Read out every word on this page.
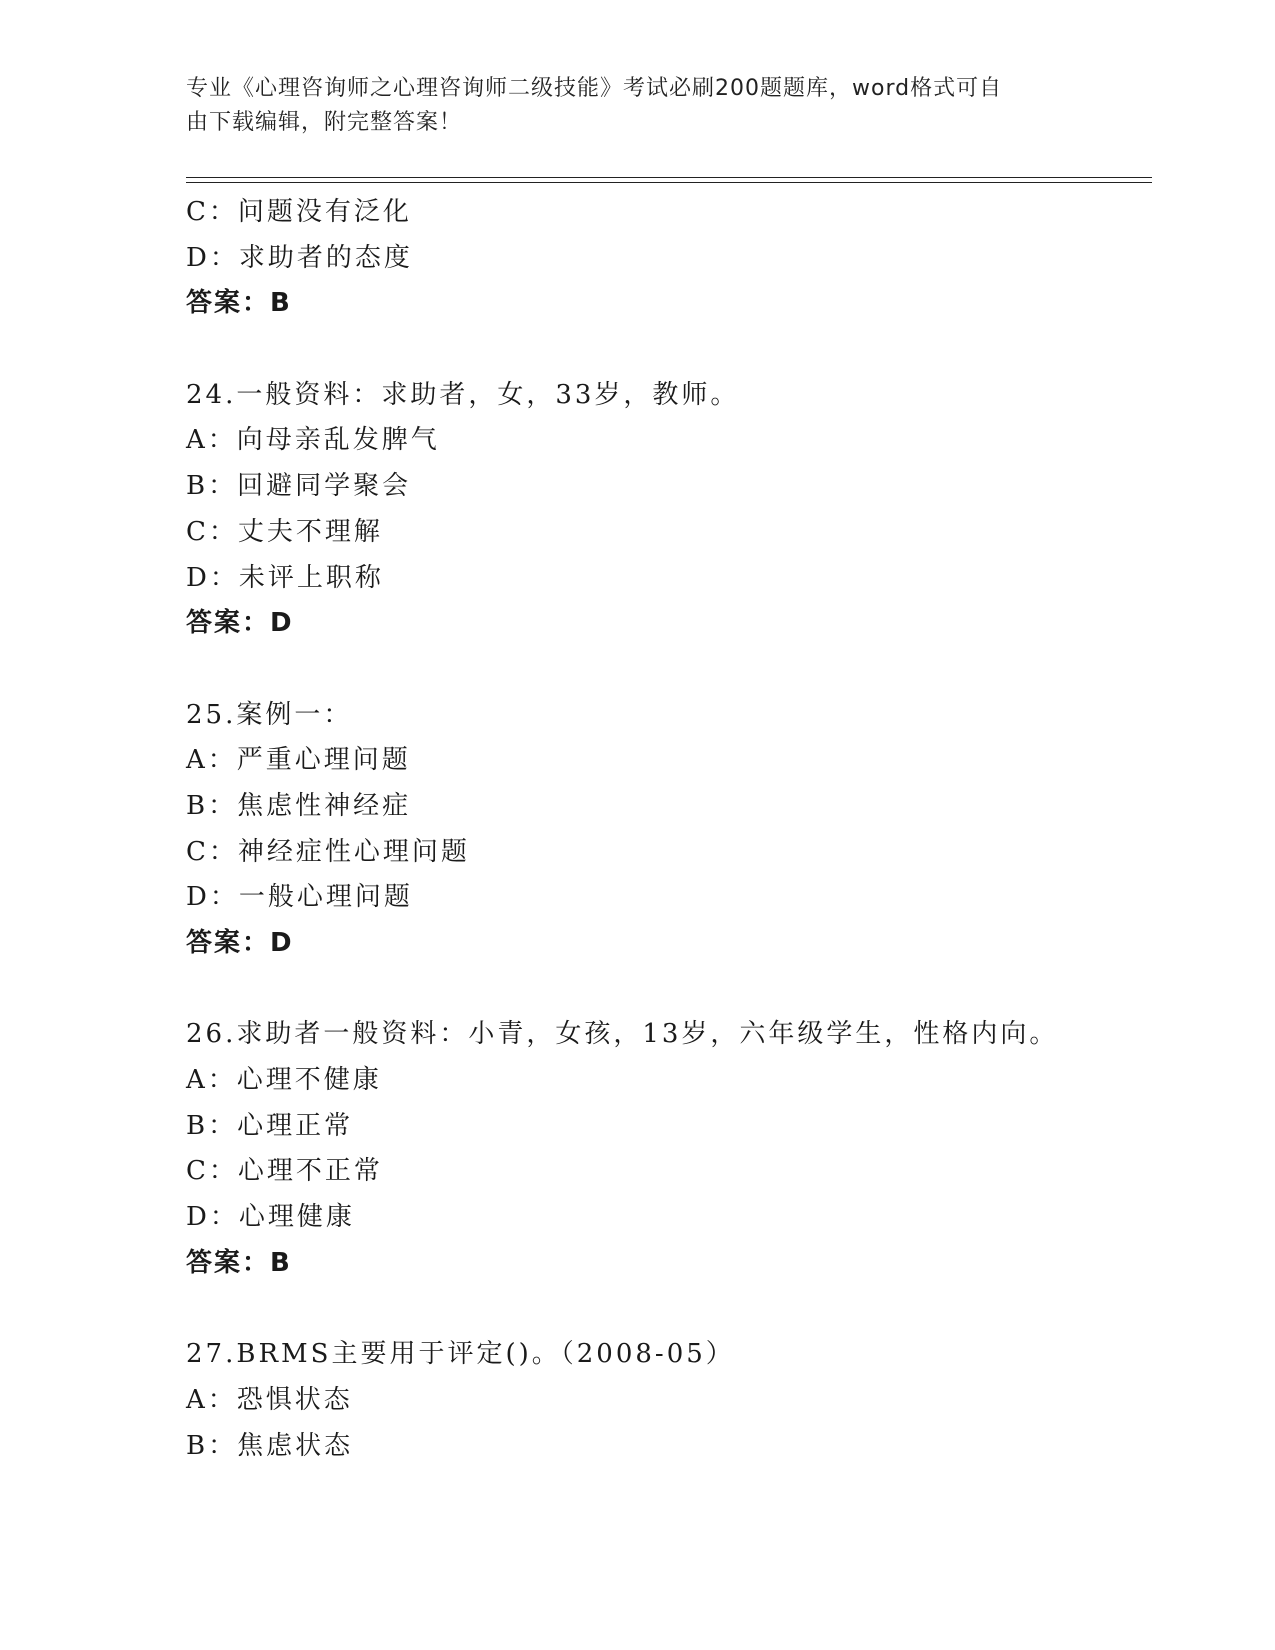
专业《心理咨询师之心理咨询师二级技能》考试必刷200题题库，word格式可自
由下载编辑，附完整答案！
C：问题没有泛化
D：求助者的态度
答案：B
24.一般资料：求助者，女，33岁，教师。
A：向母亲乱发脾气
B：回避同学聚会
C：丈夫不理解
D：未评上职称
答案：D
25.案例一：
A：严重心理问题
B：焦虑性神经症
C：神经症性心理问题
D：一般心理问题
答案：D
26.求助者一般资料：小青，女孩，13岁，六年级学生，性格内向。
A：心理不健康
B：心理正常
C：心理不正常
D：心理健康
答案：B
27.BRMS主要用于评定()。（2008-05）
A：恐惧状态
B：焦虑状态
